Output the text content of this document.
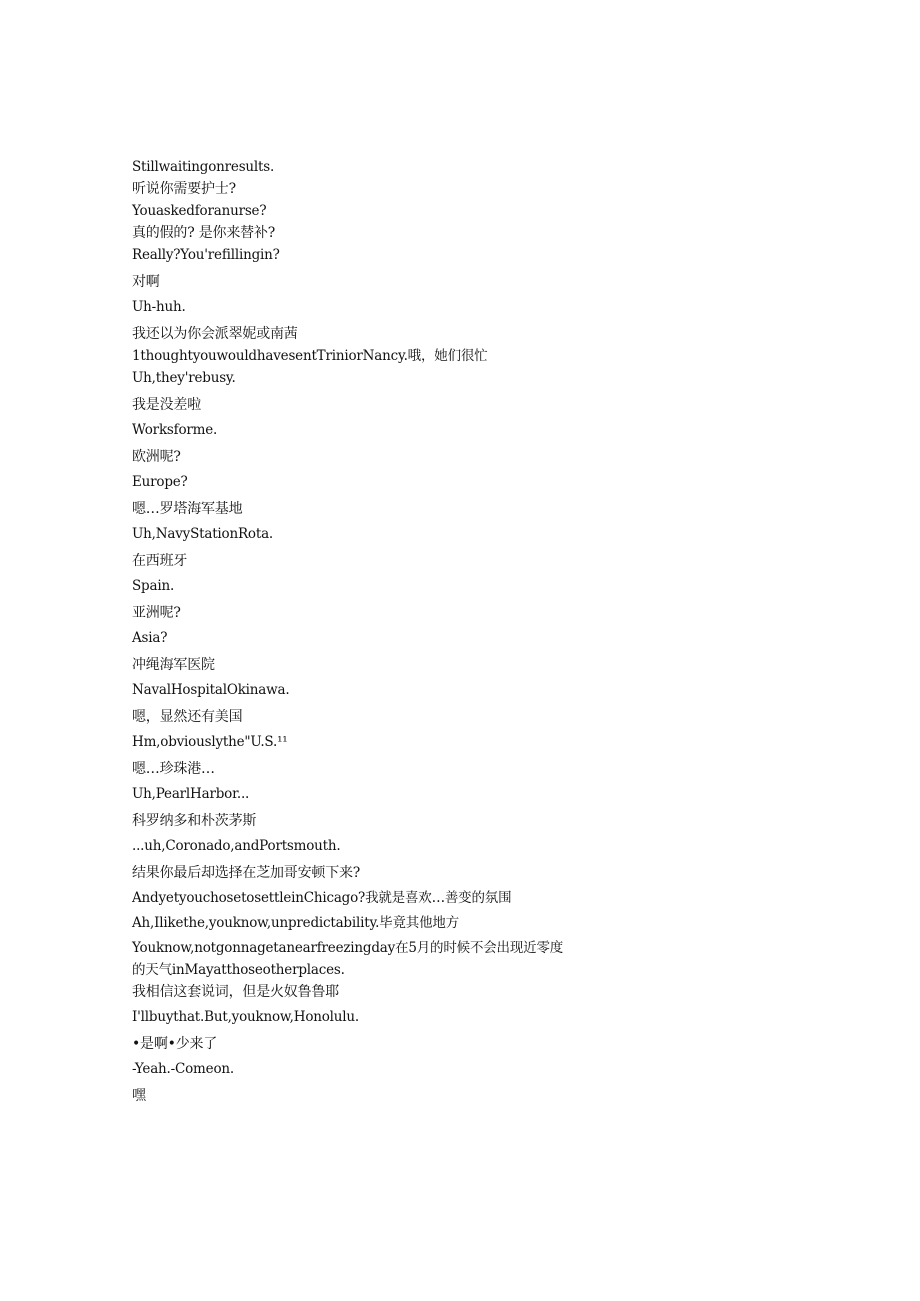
Stillwaitingonresults.
听说你需要护士?
Youaskedforanurse?
真的假的? 是你来替补?
Really?You'refillingin?
对啊
Uh-huh.
我还以为你会派翠妮或南茜
1thoughtyouwouldhavesentTriniorNancy.哦，她们很忙
Uh,they'rebusy.
我是没差啦
Worksforme.
欧洲呢?
Europe?
嗯…罗塔海军基地
Uh,NavyStationRota.
在西班牙
Spain.
亚洲呢?
Asia?
冲绳海军医院
NavalHospitalOkinawa.
嗯，显然还有美国
Hm,obviouslythe"U.S.¹¹
嗯…珍珠港…
Uh,PearlHarbor...
科罗纳多和朴茨茅斯
...uh,Coronado,andPortsmouth.
结果你最后却选择在芝加哥安顿下来?
AndyetyouchosetosettleinChicago?我就是喜欢…善变的氛围
Ah,Ilikethe,youknow,unpredictability.毕竟其他地方
Youknow,notgonnagetanearfreezingday在5月的时候不会出现近零度
的天气inMayatthoseotherplaces.
我相信这套说词，但是火奴鲁鲁耶
I'llbuythat.But,youknow,Honolulu.
•是啊•少来了
-Yeah.-Comeon.
嘿
